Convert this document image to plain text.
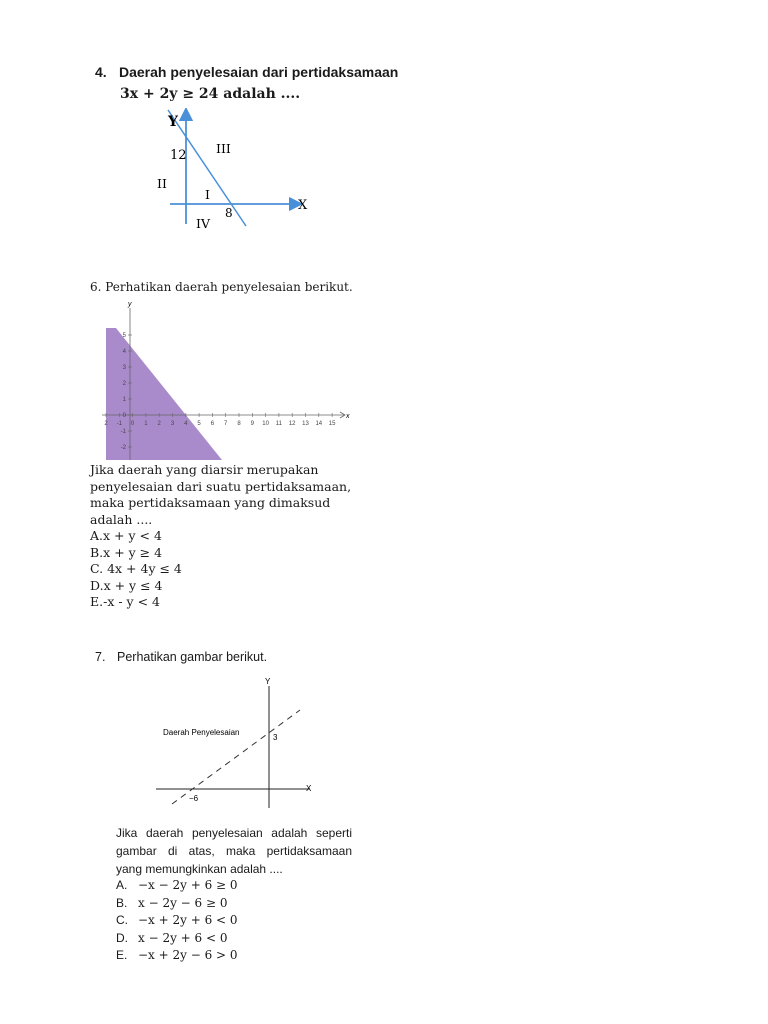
4. Daerah penyelesaian dari pertidaksamaan
3x + 2y ≥ 24 adalah ....
Y
X
12
8
III
II
I
IV
6. Perhatikan daerah penyelesaian berikut.
y
x
2 -1 0 1 2 3 4 5 6 7 8 9 10 11 12 13 14 15
5
4
3
2
1
0
-1
-2
Jika daerah yang diarsir merupakan
penyelesaian dari suatu pertidaksamaan,
maka pertidaksamaan yang dimaksud
adalah ....
A.x + y < 4
B.x + y ≥ 4
C. 4x + 4y ≤ 4
D.x + y ≤ 4
E.-x - y < 4
7. Perhatikan gambar berikut.
Y
X
Daerah Penyelesaian
3
−6
Jika daerah penyelesaian adalah seperti
gambar di atas, maka pertidaksamaan
yang memungkinkan adalah ....
A. −x − 2y + 6 ≥ 0
B. x − 2y − 6 ≥ 0
C. −x + 2y + 6 < 0
D. x − 2y + 6 < 0
E. −x + 2y − 6 > 0
